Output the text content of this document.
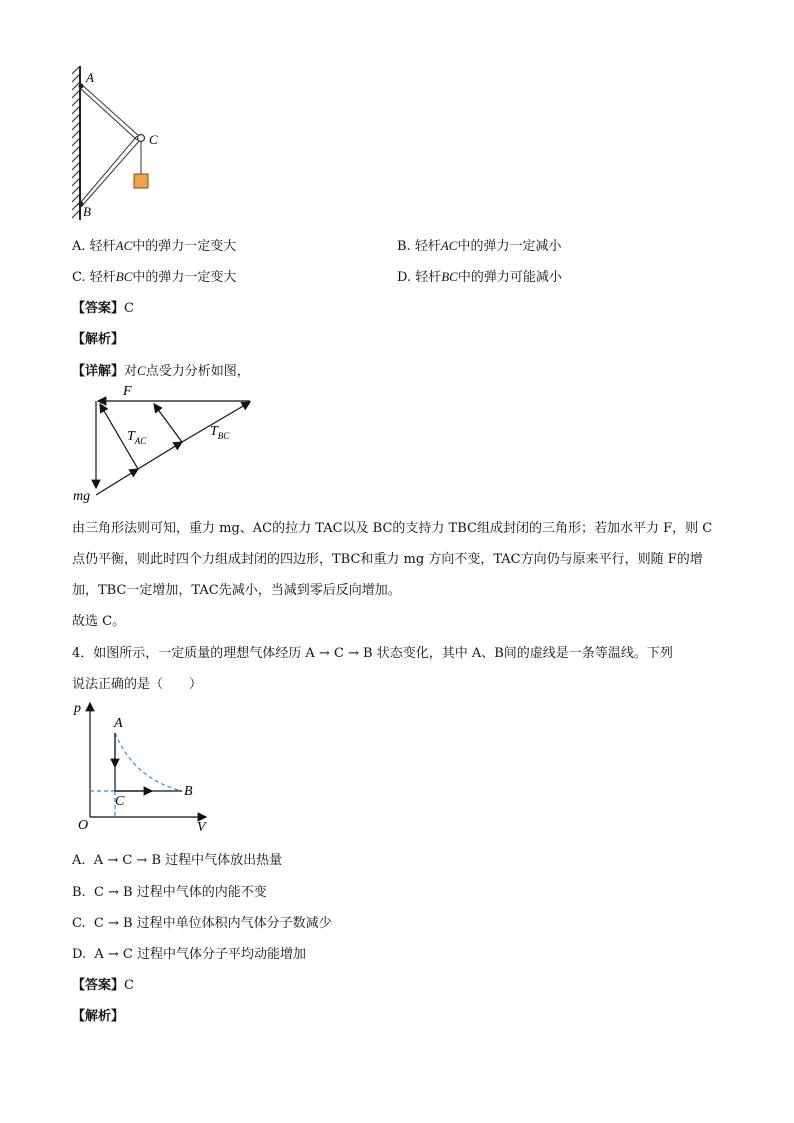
A
C
B
A. 轻杆AC中的弹力一定变大	B. 轻杆AC中的弹力一定减小
C. 轻杆BC中的弹力一定变大	D. 轻杆BC中的弹力可能减小
【答案】C
【解析】
【详解】对C点受力分析如图，
F
$T_{AC}$
$T_{BC}$
mg
由三角形法则可知，重力 mg、AC的拉力 TAC以及 BC的支持力 TBC组成封闭的三角形；若加水平力 F，则 C
点仍平衡，则此时四个力组成封闭的四边形，TBC和重力 mg 方向不变，TAC方向仍与原来平行，则随 F的增
加，TBC一定增加，TAC先减小，当减到零后反向增加。
故选 C。
4．如图所示，一定质量的理想气体经历 A → C → B 状态变化，其中 A、B间的虚线是一条等温线。下列
说法正确的是（　　）
p
V
O
A
B
C
A. A → C → B 过程中气体放出热量
B. C → B 过程中气体的内能不变
C. C → B 过程中单位体积内气体分子数减少
D. A → C 过程中气体分子平均动能增加
【答案】C
【解析】
